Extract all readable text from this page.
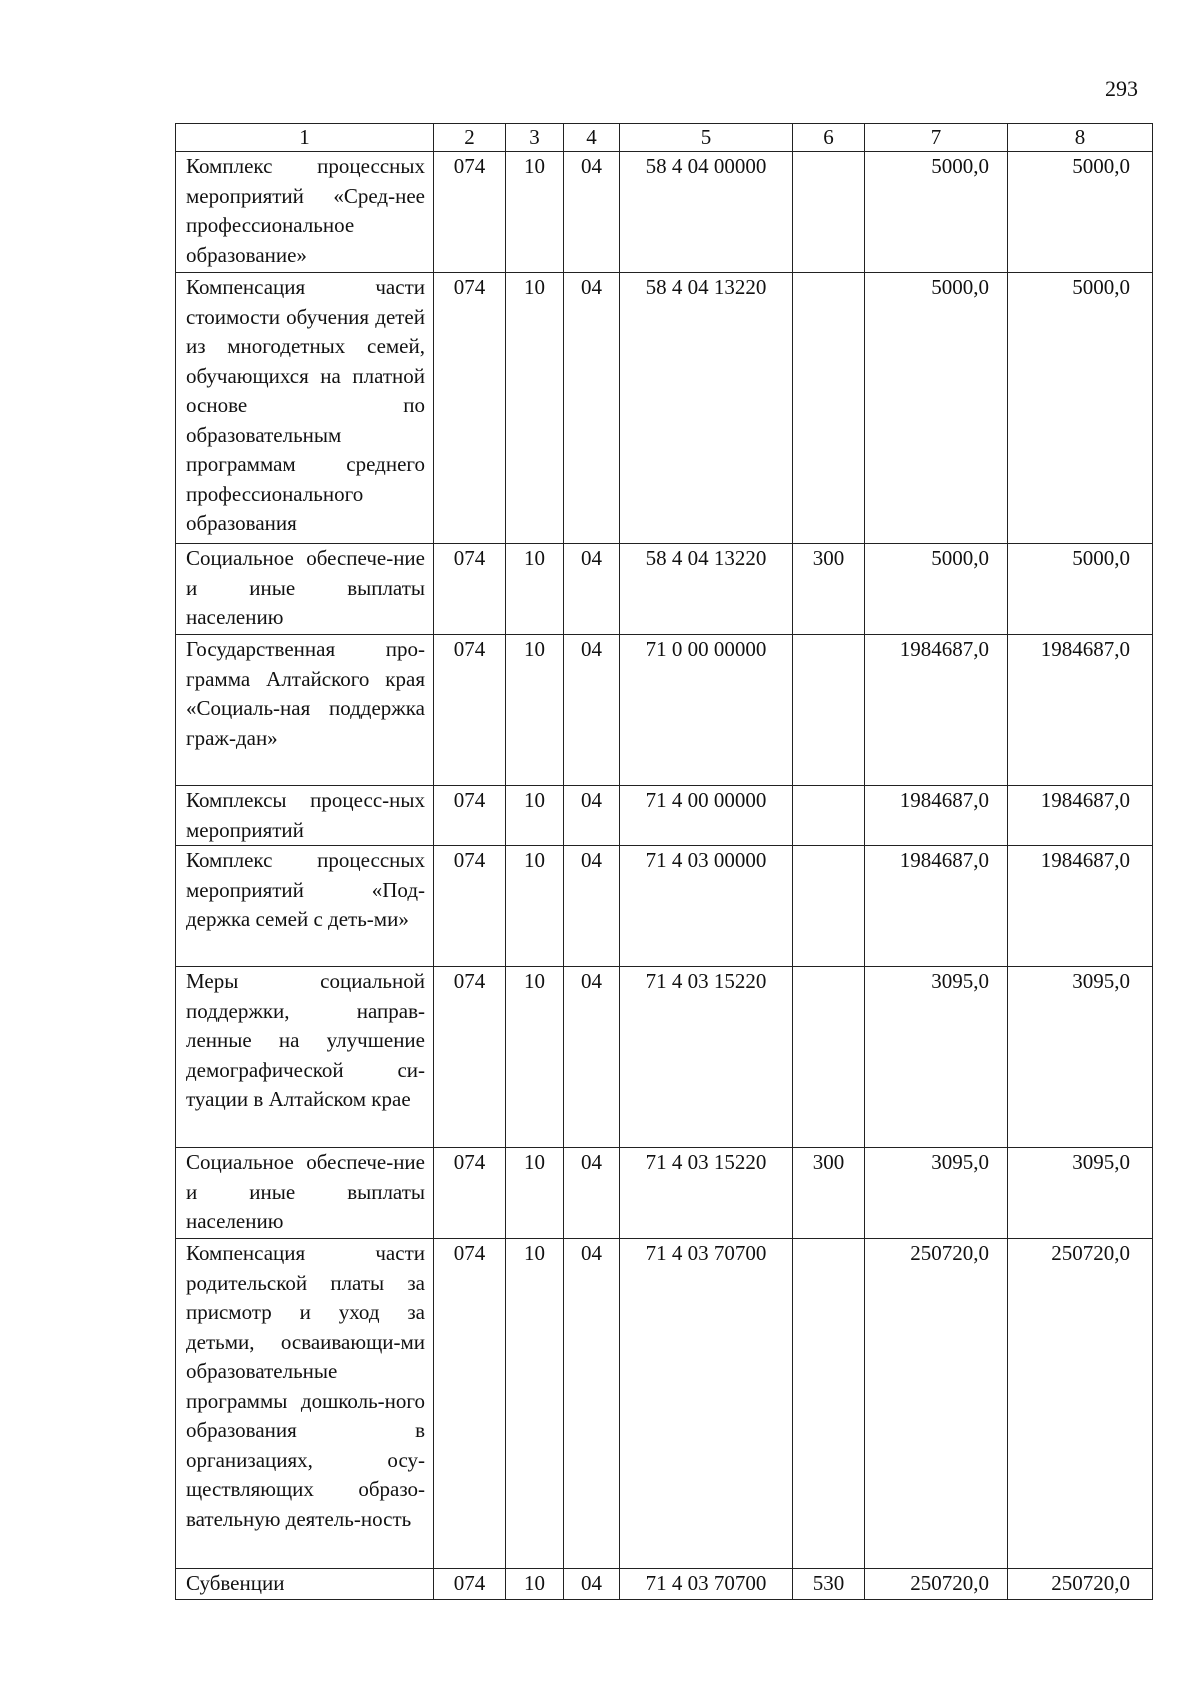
293
1	2	3	4	5	6	7	8
Комплекс процессных мероприятий «Сред-нее профессиональное образование»	074	10	04	58 4 04 00000		5000,0	5000,0
Компенсация части стоимости обучения детей из многодетных семей, обучающихся на платной основе по образовательным программам среднего профессионального образования	074	10	04	58 4 04 13220		5000,0	5000,0
Социальное обеспече-ние и иные выплаты населению	074	10	04	58 4 04 13220	300	5000,0	5000,0
Государственная про-грамма Алтайского края «Социаль-ная поддержка граж-дан»	074	10	04	71 0 00 00000		1984687,0	1984687,0
Комплексы процесс-ных мероприятий	074	10	04	71 4 00 00000		1984687,0	1984687,0
Комплекс процессных мероприятий «Под-держка семей с деть-ми»	074	10	04	71 4 03 00000		1984687,0	1984687,0
Меры социальной поддержки, направ-ленные на улучшение демографической си-туации в Алтайском крае	074	10	04	71 4 03 15220		3095,0	3095,0
Социальное обеспече-ние и иные выплаты населению	074	10	04	71 4 03 15220	300	3095,0	3095,0
Компенсация части родительской платы за присмотр и уход за детьми, осваивающи-ми образовательные программы дошколь-ного образования в организациях, осу-ществляющих образо-вательную деятель-ность	074	10	04	71 4 03 70700		250720,0	250720,0
Субвенции	074	10	04	71 4 03 70700	530	250720,0	250720,0
